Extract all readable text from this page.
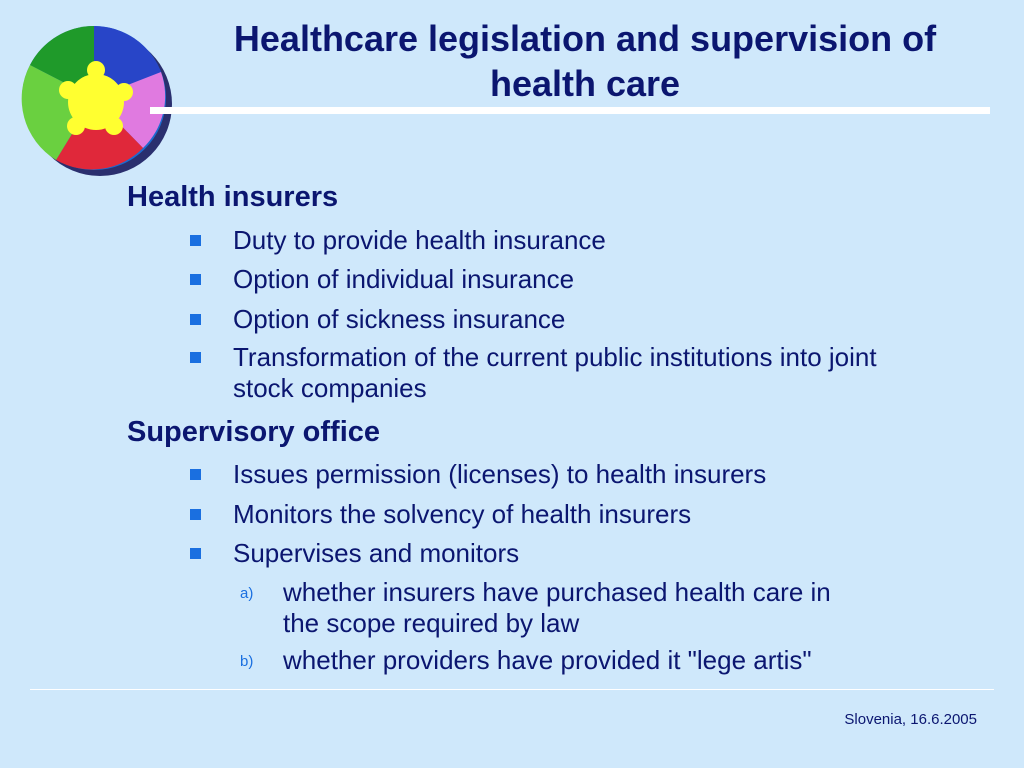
Healthcare legislation and supervision of health care
Health insurers
Duty to provide health insurance
Option of individual insurance
Option of sickness insurance
Transformation of the current public institutions into joint stock companies
Supervisory office
Issues permission (licenses) to health insurers
Monitors the solvency of health insurers
Supervises and monitors
a) whether insurers have purchased health care in the scope required by law
b) whether providers have provided it "lege artis"
Slovenia, 16.6.2005
